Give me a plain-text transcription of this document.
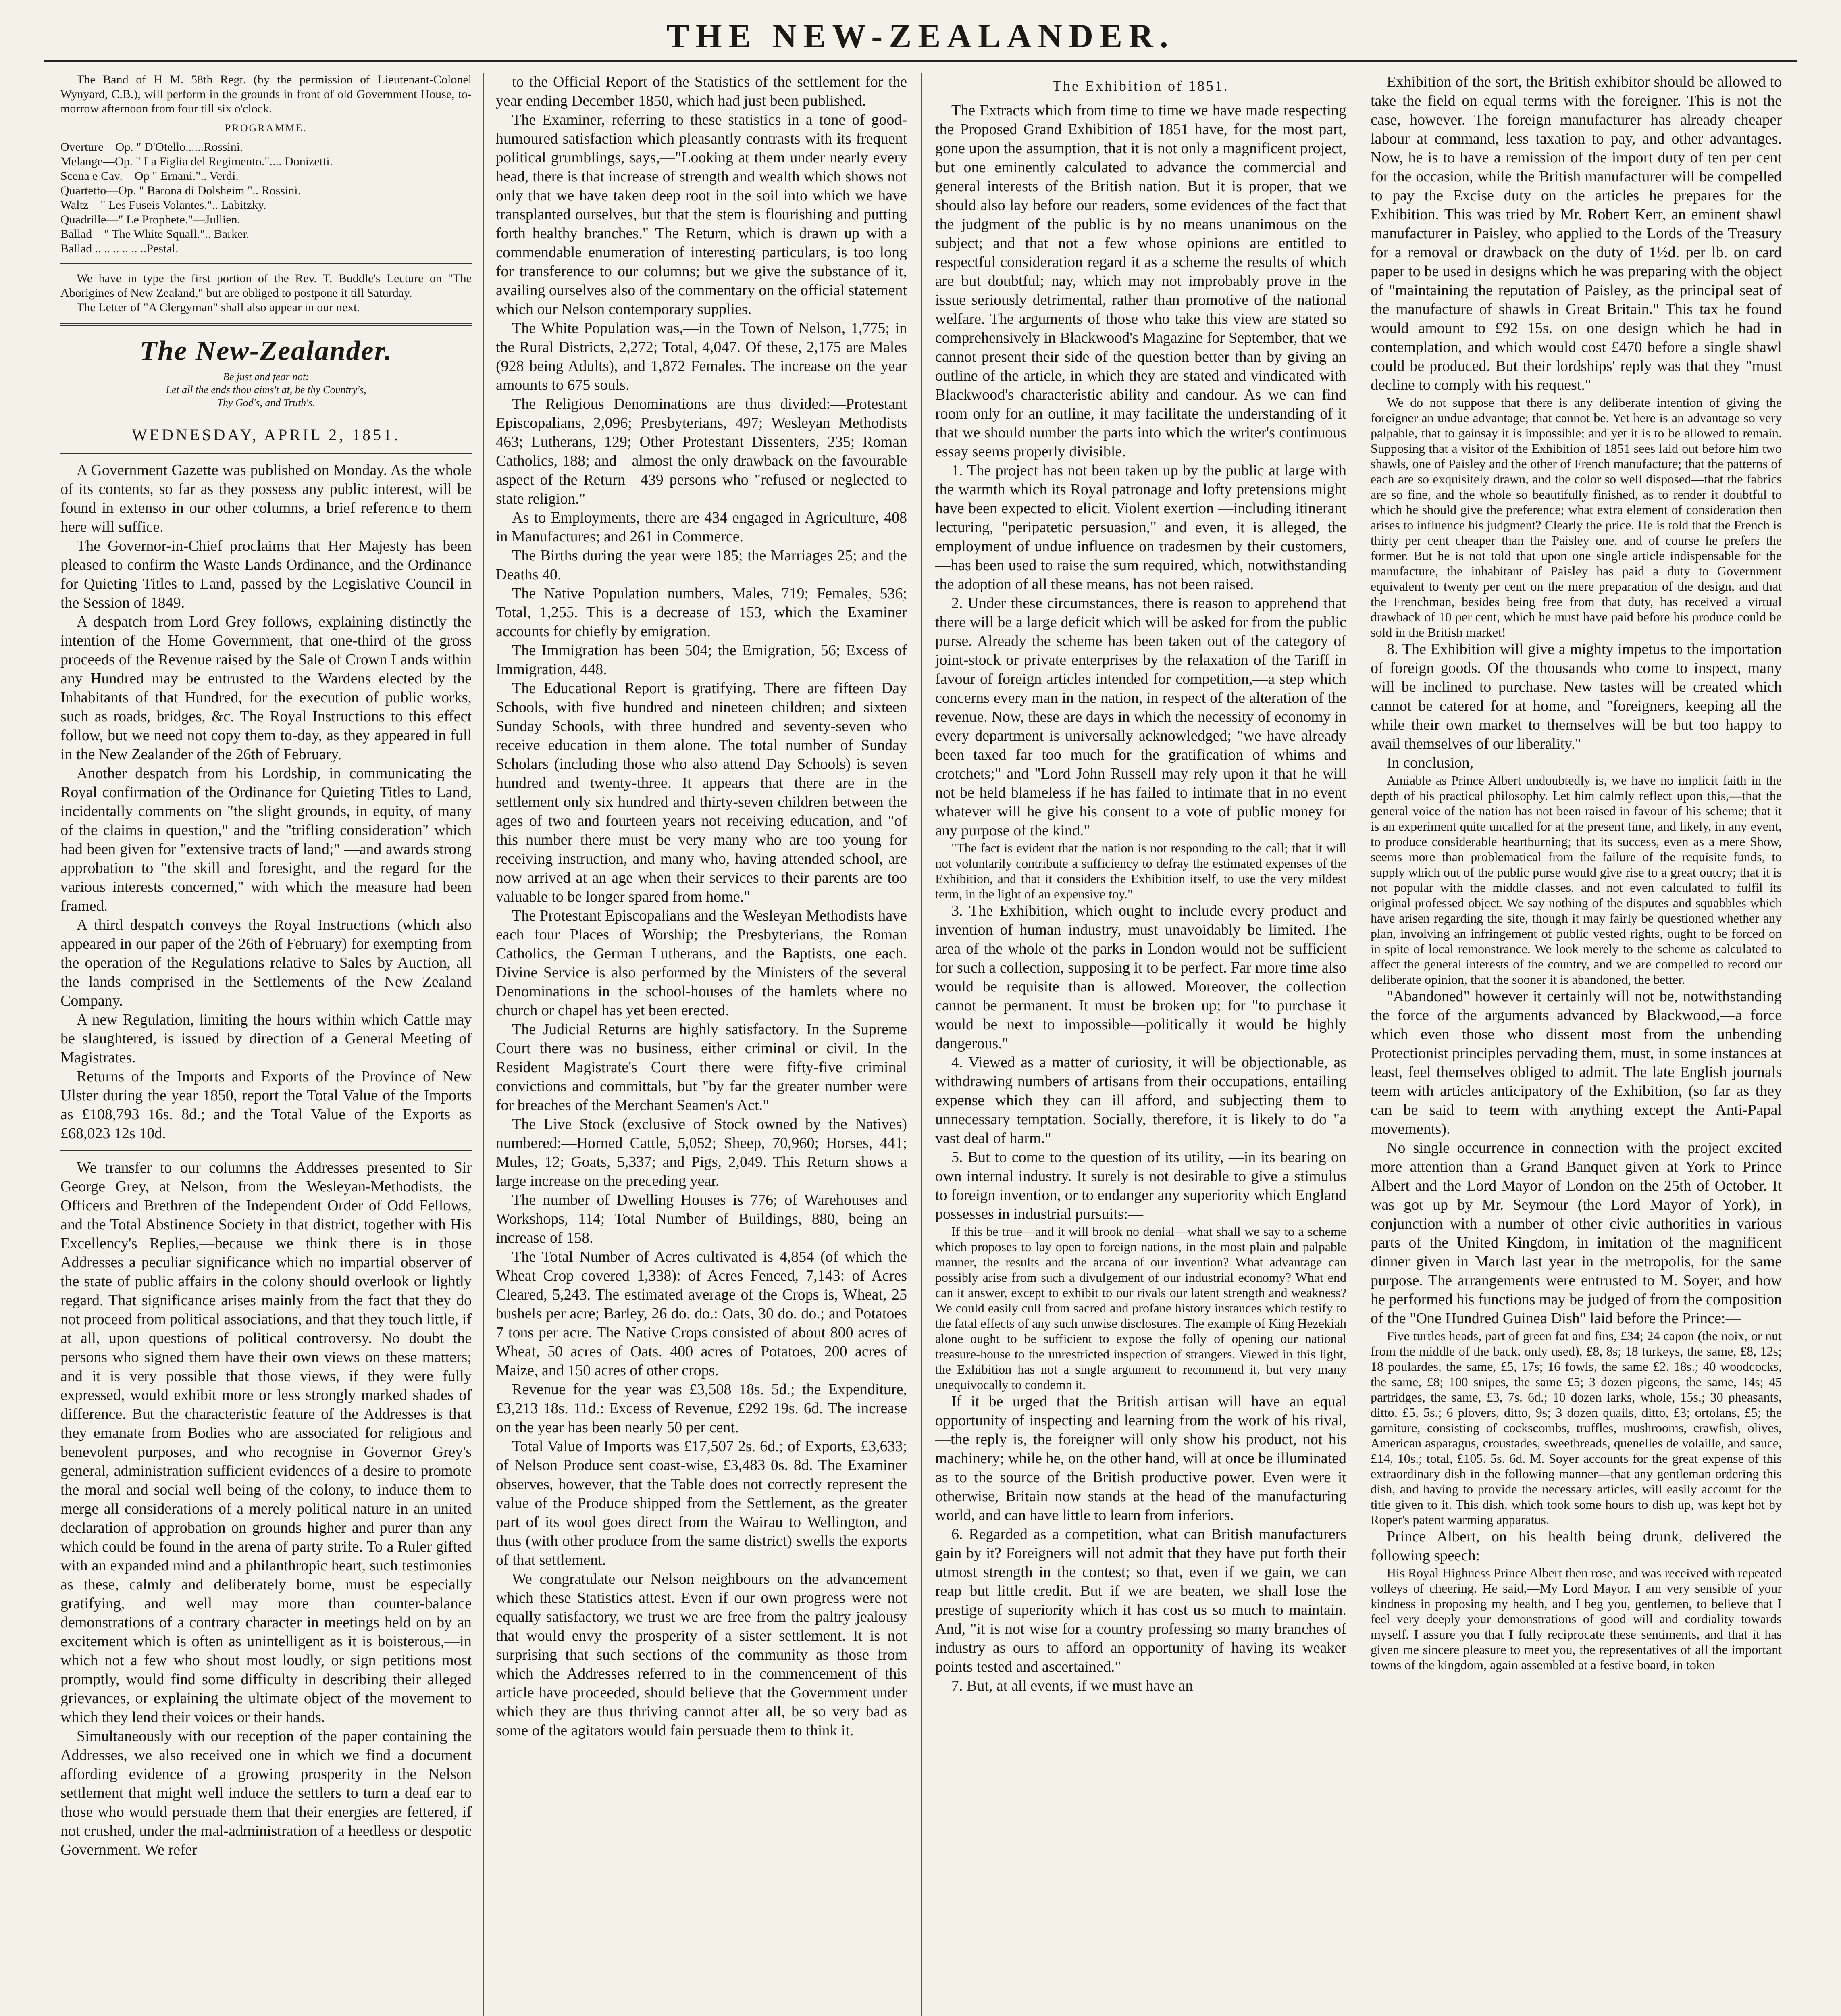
THE NEW-ZEALANDER.

The Band of H M. 58th Regt. (by the permission of Lieutenant-Colonel Wynyard, C.B.), will perform in the grounds in front of old Government House, to-morrow afternoon from four till six o'clock.

PROGRAMME.

Overture—Op. " D'Otello......Rossini.

Melange—Op. " La Figlia del Regimento.".... Donizetti.

Scena e Cav.—Op " Ernani.".. Verdi.

Quartetto—Op. " Barona di Dolsheim ".. Rossini.

Waltz—" Les Fuseis Volantes.".. Labitzky.

Quadrille—" Le Prophete."—Jullien.

Ballad—" The White Squall.".. Barker.

Ballad .. .. .. .. .. ..Pestal.

We have in type the first portion of the Rev. T. Buddle's Lecture on "The Aborigines of New Zealand," but are obliged to postpone it till Saturday.

The Letter of "A Clergyman" shall also appear in our next.

The New-Zealander.

Be just and fear not:

Let all the ends thou aims't at, be thy Country's,

Thy God's, and Truth's.

WEDNESDAY, APRIL 2, 1851.

A Government Gazette was published on Monday. As the whole of its contents, so far as they possess any public interest, will be found in extenso in our other columns, a brief reference to them here will suffice.

The Governor-in-Chief proclaims that Her Majesty has been pleased to confirm the Waste Lands Ordinance, and the Ordinance for Quieting Titles to Land, passed by the Legislative Council in the Session of 1849.

A despatch from Lord Grey follows, explaining distinctly the intention of the Home Government, that one-third of the gross proceeds of the Revenue raised by the Sale of Crown Lands within any Hundred may be entrusted to the Wardens elected by the Inhabitants of that Hundred, for the execution of public works, such as roads, bridges, &c. The Royal Instructions to this effect follow, but we need not copy them to-day, as they appeared in full in the New Zealander of the 26th of February.

Another despatch from his Lordship, in communicating the Royal confirmation of the Ordinance for Quieting Titles to Land, incidentally comments on "the slight grounds, in equity, of many of the claims in question," and the "trifling consideration" which had been given for "extensive tracts of land;" —and awards strong approbation to "the skill and foresight, and the regard for the various interests concerned," with which the measure had been framed.

A third despatch conveys the Royal Instructions (which also appeared in our paper of the 26th of February) for exempting from the operation of the Regulations relative to Sales by Auction, all the lands comprised in the Settlements of the New Zealand Company.

A new Regulation, limiting the hours within which Cattle may be slaughtered, is issued by direction of a General Meeting of Magistrates.

Returns of the Imports and Exports of the Province of New Ulster during the year 1850, report the Total Value of the Imports as £108,793 16s. 8d.; and the Total Value of the Exports as £68,023 12s 10d.

We transfer to our columns the Addresses presented to Sir George Grey, at Nelson, from the Wesleyan-Methodists, the Officers and Brethren of the Independent Order of Odd Fellows, and the Total Abstinence Society in that district, together with His Excellency's Replies,—because we think there is in those Addresses a peculiar significance which no impartial observer of the state of public affairs in the colony should overlook or lightly regard. That significance arises mainly from the fact that they do not proceed from political associations, and that they touch little, if at all, upon questions of political controversy. No doubt the persons who signed them have their own views on these matters; and it is very possible that those views, if they were fully expressed, would exhibit more or less strongly marked shades of difference. But the characteristic feature of the Addresses is that they emanate from Bodies who are associated for religious and benevolent purposes, and who recognise in Governor Grey's general, administration sufficient evidences of a desire to promote the moral and social well being of the colony, to induce them to merge all considerations of a merely political nature in an united declaration of approbation on grounds higher and purer than any which could be found in the arena of party strife. To a Ruler gifted with an expanded mind and a philanthropic heart, such testimonies as these, calmly and deliberately borne, must be especially gratifying, and well may more than counter-balance demonstrations of a contrary character in meetings held on by an excitement which is often as unintelligent as it is boisterous,—in which not a few who shout most loudly, or sign petitions most promptly, would find some difficulty in describing their alleged grievances, or explaining the ultimate object of the movement to which they lend their voices or their hands.

Simultaneously with our reception of the paper containing the Addresses, we also received one in which we find a document affording evidence of a growing prosperity in the Nelson settlement that might well induce the settlers to turn a deaf ear to those who would persuade them that their energies are fettered, if not crushed, under the mal-administration of a heedless or despotic Government. We refer

to the Official Report of the Statistics of the settlement for the year ending December 1850, which had just been published.

The Examiner, referring to these statistics in a tone of good-humoured satisfaction which pleasantly contrasts with its frequent political grumblings, says,—"Looking at them under nearly every head, there is that increase of strength and wealth which shows not only that we have taken deep root in the soil into which we have transplanted ourselves, but that the stem is flourishing and putting forth healthy branches." The Return, which is drawn up with a commendable enumeration of interesting particulars, is too long for transference to our columns; but we give the substance of it, availing ourselves also of the commentary on the official statement which our Nelson contemporary supplies.

The White Population was,—in the Town of Nelson, 1,775; in the Rural Districts, 2,272; Total, 4,047. Of these, 2,175 are Males (928 being Adults), and 1,872 Females. The increase on the year amounts to 675 souls.

The Religious Denominations are thus divided:—Protestant Episcopalians, 2,096; Presbyterians, 497; Wesleyan Methodists 463; Lutherans, 129; Other Protestant Dissenters, 235; Roman Catholics, 188; and—almost the only drawback on the favourable aspect of the Return—439 persons who "refused or neglected to state religion."

As to Employments, there are 434 engaged in Agriculture, 408 in Manufactures; and 261 in Commerce.

The Births during the year were 185; the Marriages 25; and the Deaths 40.

The Native Population numbers, Males, 719; Females, 536; Total, 1,255. This is a decrease of 153, which the Examiner accounts for chiefly by emigration.

The Immigration has been 504; the Emigration, 56; Excess of Immigration, 448.

The Educational Report is gratifying. There are fifteen Day Schools, with five hundred and nineteen children; and sixteen Sunday Schools, with three hundred and seventy-seven who receive education in them alone. The total number of Sunday Scholars (including those who also attend Day Schools) is seven hundred and twenty-three. It appears that there are in the settlement only six hundred and thirty-seven children between the ages of two and fourteen years not receiving education, and "of this number there must be very many who are too young for receiving instruction, and many who, having attended school, are now arrived at an age when their services to their parents are too valuable to be longer spared from home."

The Protestant Episcopalians and the Wesleyan Methodists have each four Places of Worship; the Presbyterians, the Roman Catholics, the German Lutherans, and the Baptists, one each. Divine Service is also performed by the Ministers of the several Denominations in the school-houses of the hamlets where no church or chapel has yet been erected.

The Judicial Returns are highly satisfactory. In the Supreme Court there was no business, either criminal or civil. In the Resident Magistrate's Court there were fifty-five criminal convictions and committals, but "by far the greater number were for breaches of the Merchant Seamen's Act."

The Live Stock (exclusive of Stock owned by the Natives) numbered:—Horned Cattle, 5,052; Sheep, 70,960; Horses, 441; Mules, 12; Goats, 5,337; and Pigs, 2,049. This Return shows a large increase on the preceding year.

The number of Dwelling Houses is 776; of Warehouses and Workshops, 114; Total Number of Buildings, 880, being an increase of 158.

The Total Number of Acres cultivated is 4,854 (of which the Wheat Crop covered 1,338): of Acres Fenced, 7,143: of Acres Cleared, 5,243. The estimated average of the Crops is, Wheat, 25 bushels per acre; Barley, 26 do. do.: Oats, 30 do. do.; and Potatoes 7 tons per acre. The Native Crops consisted of about 800 acres of Wheat, 50 acres of Oats. 400 acres of Potatoes, 200 acres of Maize, and 150 acres of other crops.

Revenue for the year was £3,508 18s. 5d.; the Expenditure, £3,213 18s. 11d.: Excess of Revenue, £292 19s. 6d. The increase on the year has been nearly 50 per cent.

Total Value of Imports was £17,507 2s. 6d.; of Exports, £3,633; of Nelson Produce sent coast-wise, £3,483 0s. 8d. The Examiner observes, however, that the Table does not correctly represent the value of the Produce shipped from the Settlement, as the greater part of its wool goes direct from the Wairau to Wellington, and thus (with other produce from the same district) swells the exports of that settlement.

We congratulate our Nelson neighbours on the advancement which these Statistics attest. Even if our own progress were not equally satisfactory, we trust we are free from the paltry jealousy that would envy the prosperity of a sister settlement. It is not surprising that such sections of the community as those from which the Addresses referred to in the commencement of this article have proceeded, should believe that the Government under which they are thus thriving cannot after all, be so very bad as some of the agitators would fain persuade them to think it.

The Exhibition of 1851.

The Extracts which from time to time we have made respecting the Proposed Grand Exhibition of 1851 have, for the most part, gone upon the assumption, that it is not only a magnificent project, but one eminently calculated to advance the commercial and general interests of the British nation. But it is proper, that we should also lay before our readers, some evidences of the fact that the judgment of the public is by no means unanimous on the subject; and that not a few whose opinions are entitled to respectful consideration regard it as a scheme the results of which are but doubtful; nay, which may not improbably prove in the issue seriously detrimental, rather than promotive of the national welfare. The arguments of those who take this view are stated so comprehensively in Blackwood's Magazine for September, that we cannot present their side of the question better than by giving an outline of the article, in which they are stated and vindicated with Blackwood's characteristic ability and candour. As we can find room only for an outline, it may facilitate the understanding of it that we should number the parts into which the writer's continuous essay seems properly divisible.

1. The project has not been taken up by the public at large with the warmth which its Royal patronage and lofty pretensions might have been expected to elicit. Violent exertion —including itinerant lecturing, "peripatetic persuasion," and even, it is alleged, the employment of undue influence on tradesmen by their customers,—has been used to raise the sum required, which, notwithstanding the adoption of all these means, has not been raised.

2. Under these circumstances, there is reason to apprehend that there will be a large deficit which will be asked for from the public purse. Already the scheme has been taken out of the category of joint-stock or private enterprises by the relaxation of the Tariff in favour of foreign articles intended for competition,—a step which concerns every man in the nation, in respect of the alteration of the revenue. Now, these are days in which the necessity of economy in every department is universally acknowledged; "we have already been taxed far too much for the gratification of whims and crotchets;" and "Lord John Russell may rely upon it that he will not be held blameless if he has failed to intimate that in no event whatever will he give his consent to a vote of public money for any purpose of the kind."

"The fact is evident that the nation is not responding to the call; that it will not voluntarily contribute a sufficiency to defray the estimated expenses of the Exhibition, and that it considers the Exhibition itself, to use the very mildest term, in the light of an expensive toy."

3. The Exhibition, which ought to include every product and invention of human industry, must unavoidably be limited. The area of the whole of the parks in London would not be sufficient for such a collection, supposing it to be perfect. Far more time also would be requisite than is allowed. Moreover, the collection cannot be permanent. It must be broken up; for "to purchase it would be next to impossible—politically it would be highly dangerous."

4. Viewed as a matter of curiosity, it will be objectionable, as withdrawing numbers of artisans from their occupations, entailing expense which they can ill afford, and subjecting them to unnecessary temptation. Socially, therefore, it is likely to do "a vast deal of harm."

5. But to come to the question of its utility, —in its bearing on own internal industry. It surely is not desirable to give a stimulus to foreign invention, or to endanger any superiority which England possesses in industrial pursuits:—

If this be true—and it will brook no denial—what shall we say to a scheme which proposes to lay open to foreign nations, in the most plain and palpable manner, the results and the arcana of our invention? What advantage can possibly arise from such a divulgement of our industrial economy? What end can it answer, except to exhibit to our rivals our latent strength and weakness? We could easily cull from sacred and profane history instances which testify to the fatal effects of any such unwise disclosures. The example of King Hezekiah alone ought to be sufficient to expose the folly of opening our national treasure-house to the unrestricted inspection of strangers. Viewed in this light, the Exhibition has not a single argument to recommend it, but very many unequivocally to condemn it.

If it be urged that the British artisan will have an equal opportunity of inspecting and learning from the work of his rival,—the reply is, the foreigner will only show his product, not his machinery; while he, on the other hand, will at once be illuminated as to the source of the British productive power. Even were it otherwise, Britain now stands at the head of the manufacturing world, and can have little to learn from inferiors.

6. Regarded as a competition, what can British manufacturers gain by it? Foreigners will not admit that they have put forth their utmost strength in the contest; so that, even if we gain, we can reap but little credit. But if we are beaten, we shall lose the prestige of superiority which it has cost us so much to maintain. And, "it is not wise for a country professing so many branches of industry as ours to afford an opportunity of having its weaker points tested and ascertained."

7. But, at all events, if we must have an

Exhibition of the sort, the British exhibitor should be allowed to take the field on equal terms with the foreigner. This is not the case, however. The foreign manufacturer has already cheaper labour at command, less taxation to pay, and other advantages. Now, he is to have a remission of the import duty of ten per cent for the occasion, while the British manufacturer will be compelled to pay the Excise duty on the articles he prepares for the Exhibition. This was tried by Mr. Robert Kerr, an eminent shawl manufacturer in Paisley, who applied to the Lords of the Treasury for a removal or drawback on the duty of 1½d. per lb. on card paper to be used in designs which he was preparing with the object of "maintaining the reputation of Paisley, as the principal seat of the manufacture of shawls in Great Britain." This tax he found would amount to £92 15s. on one design which he had in contemplation, and which would cost £470 before a single shawl could be produced. But their lordships' reply was that they "must decline to comply with his request."

We do not suppose that there is any deliberate intention of giving the foreigner an undue advantage; that cannot be. Yet here is an advantage so very palpable, that to gainsay it is impossible; and yet it is to be allowed to remain. Supposing that a visitor of the Exhibition of 1851 sees laid out before him two shawls, one of Paisley and the other of French manufacture; that the patterns of each are so exquisitely drawn, and the color so well disposed—that the fabrics are so fine, and the whole so beautifully finished, as to render it doubtful to which he should give the preference; what extra element of consideration then arises to influence his judgment? Clearly the price. He is told that the French is thirty per cent cheaper than the Paisley one, and of course he prefers the former. But he is not told that upon one single article indispensable for the manufacture, the inhabitant of Paisley has paid a duty to Government equivalent to twenty per cent on the mere preparation of the design, and that the Frenchman, besides being free from that duty, has received a virtual drawback of 10 per cent, which he must have paid before his produce could be sold in the British market!

8. The Exhibition will give a mighty impetus to the importation of foreign goods. Of the thousands who come to inspect, many will be inclined to purchase. New tastes will be created which cannot be catered for at home, and "foreigners, keeping all the while their own market to themselves will be but too happy to avail themselves of our liberality."

In conclusion,

Amiable as Prince Albert undoubtedly is, we have no implicit faith in the depth of his practical philosophy. Let him calmly reflect upon this,—that the general voice of the nation has not been raised in favour of his scheme; that it is an experiment quite uncalled for at the present time, and likely, in any event, to produce considerable heartburning; that its success, even as a mere Show, seems more than problematical from the failure of the requisite funds, to supply which out of the public purse would give rise to a great outcry; that it is not popular with the middle classes, and not even calculated to fulfil its original professed object. We say nothing of the disputes and squabbles which have arisen regarding the site, though it may fairly be questioned whether any plan, involving an infringement of public vested rights, ought to be forced on in spite of local remonstrance. We look merely to the scheme as calculated to affect the general interests of the country, and we are compelled to record our deliberate opinion, that the sooner it is abandoned, the better.

"Abandoned" however it certainly will not be, notwithstanding the force of the arguments advanced by Blackwood,—a force which even those who dissent most from the unbending Protectionist principles pervading them, must, in some instances at least, feel themselves obliged to admit. The late English journals teem with articles anticipatory of the Exhibition, (so far as they can be said to teem with anything except the Anti-Papal movements).

No single occurrence in connection with the project excited more attention than a Grand Banquet given at York to Prince Albert and the Lord Mayor of London on the 25th of October. It was got up by Mr. Seymour (the Lord Mayor of York), in conjunction with a number of other civic authorities in various parts of the United Kingdom, in imitation of the magnificent dinner given in March last year in the metropolis, for the same purpose. The arrangements were entrusted to M. Soyer, and how he performed his functions may be judged of from the composition of the "One Hundred Guinea Dish" laid before the Prince:—

Five turtles heads, part of green fat and fins, £34; 24 capon (the noix, or nut from the middle of the back, only used), £8, 8s; 18 turkeys, the same, £8, 12s; 18 poulardes, the same, £5, 17s; 16 fowls, the same £2. 18s.; 40 woodcocks, the same, £8; 100 snipes, the same £5; 3 dozen pigeons, the same, 14s; 45 partridges, the same, £3, 7s. 6d.; 10 dozen larks, whole, 15s.; 30 pheasants, ditto, £5, 5s.; 6 plovers, ditto, 9s; 3 dozen quails, ditto, £3; ortolans, £5; the garniture, consisting of cockscombs, truffles, mushrooms, crawfish, olives, American asparagus, croustades, sweetbreads, quenelles de volaille, and sauce, £14, 10s.; total, £105. 5s. 6d. M. Soyer accounts for the great expense of this extraordinary dish in the following manner—that any gentleman ordering this dish, and having to provide the necessary articles, will easily account for the title given to it. This dish, which took some hours to dish up, was kept hot by Roper's patent warming apparatus.

Prince Albert, on his health being drunk, delivered the following speech:

His Royal Highness Prince Albert then rose, and was received with repeated volleys of cheering. He said,—My Lord Mayor, I am very sensible of your kindness in proposing my health, and I beg you, gentlemen, to believe that I feel very deeply your demonstrations of good will and cordiality towards myself. I assure you that I fully reciprocate these sentiments, and that it has given me sincere pleasure to meet you, the representatives of all the important towns of the kingdom, again assembled at a festive board, in token
